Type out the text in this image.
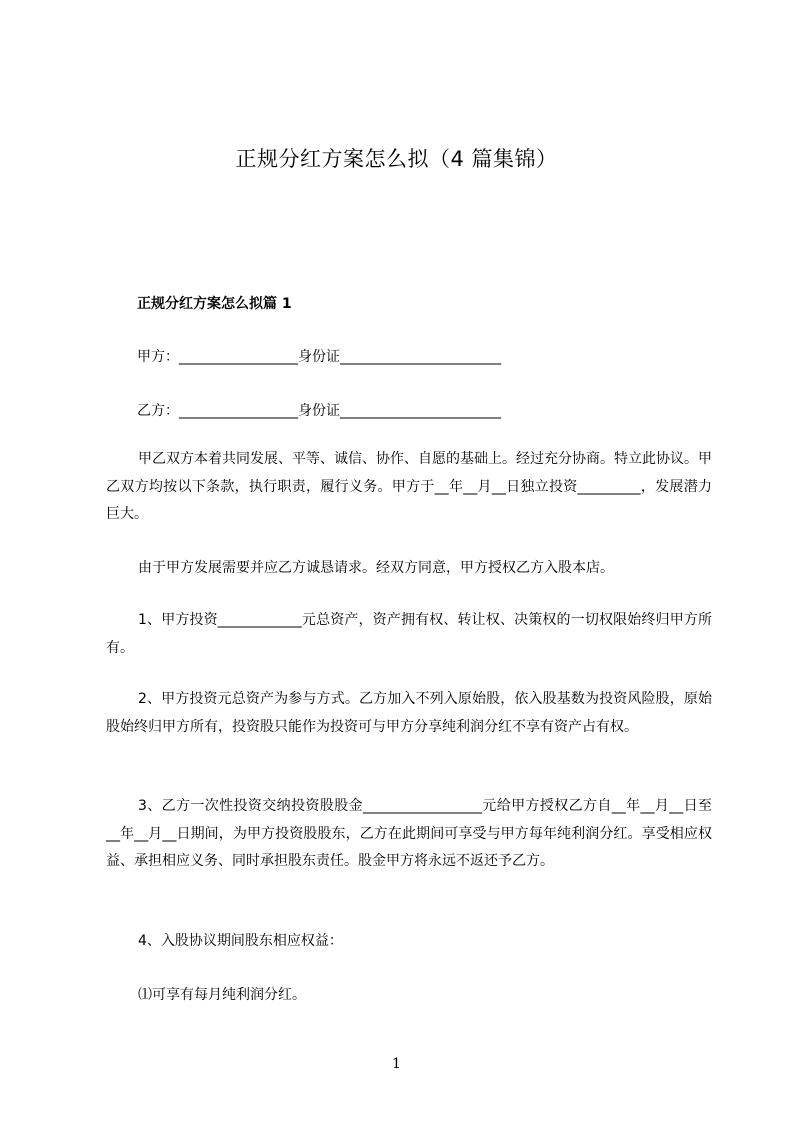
正规分红方案怎么拟（4 篇集锦）
正规分红方案怎么拟篇 1
甲方：_________________身份证_______________________
乙方：_________________身份证_______________________
甲乙双方本着共同发展、平等、诚信、协作、自愿的基础上。经过充分协商。特立此协议。甲乙双方均按以下条款，执行职责，履行义务。甲方于__年__月__日独立投资_________，发展潜力巨大。
由于甲方发展需要并应乙方诚恳请求。经双方同意，甲方授权乙方入股本店。
1、甲方投资____________元总资产，资产拥有权、转让权、决策权的一切权限始终归甲方所有。
2、甲方投资元总资产为参与方式。乙方加入不列入原始股，依入股基数为投资风险股，原始股始终归甲方所有，投资股只能作为投资可与甲方分享纯利润分红不享有资产占有权。
3、乙方一次性投资交纳投资股股金_________________元给甲方授权乙方自__年__月__日至__年__月__日期间，为甲方投资股股东，乙方在此期间可享受与甲方每年纯利润分红。享受相应权益、承担相应义务、同时承担股东责任。股金甲方将永远不返还予乙方。
4、入股协议期间股东相应权益：
⑴可享有每月纯利润分红。
1
